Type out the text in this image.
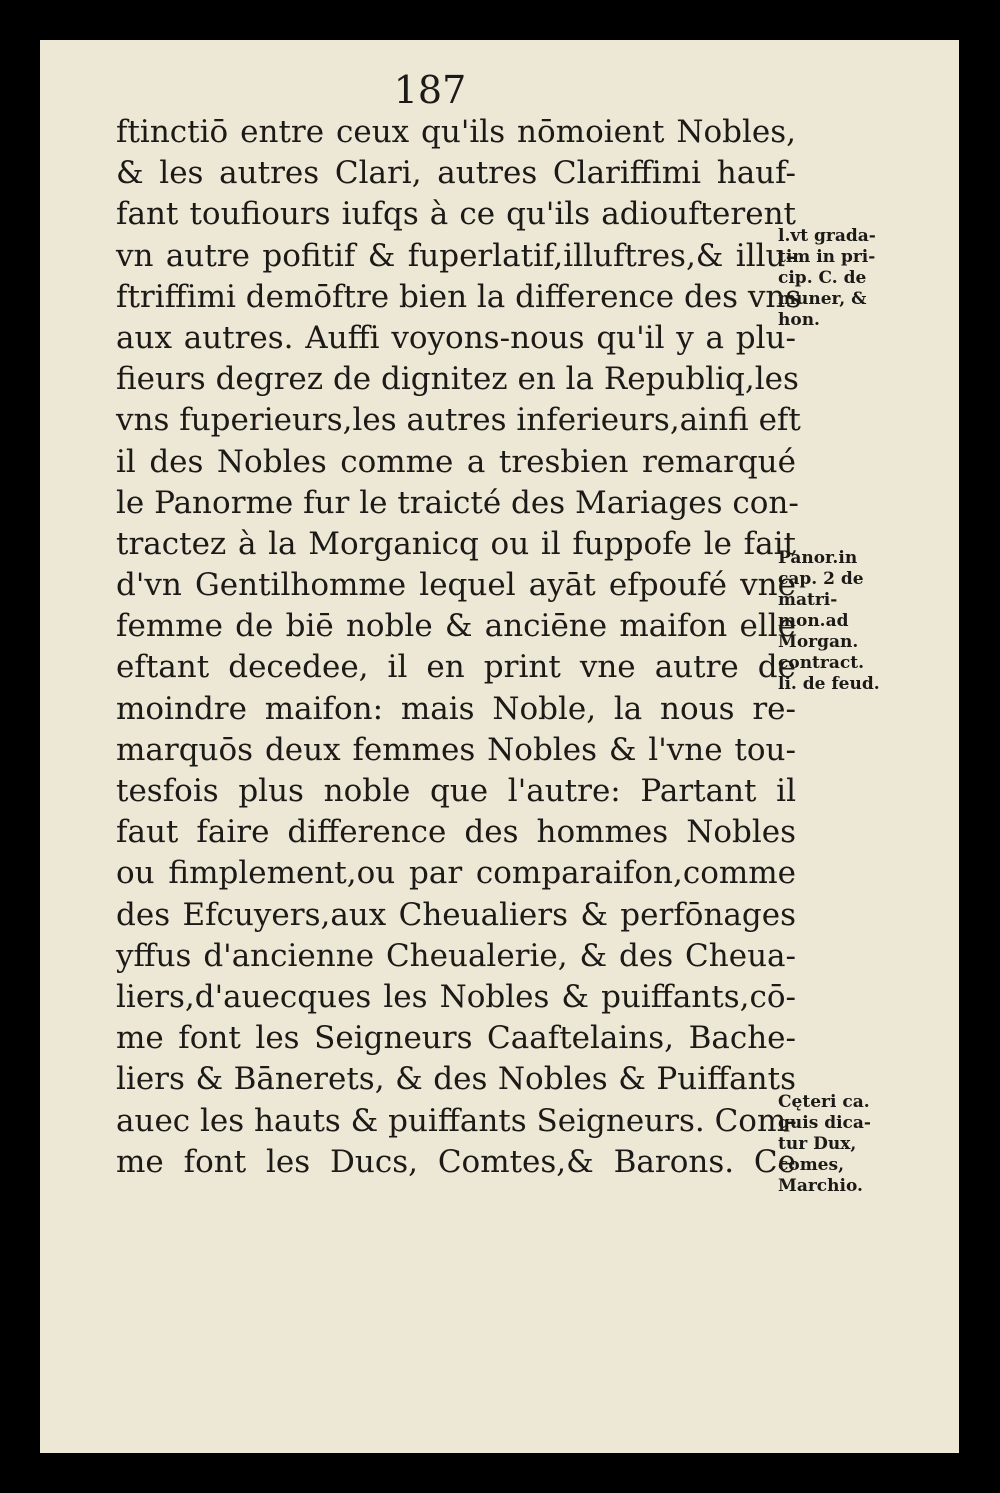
187
ftinctiō entre ceux qu'ils nōmoient Nobles,
& les autres Clari, autres Clariffimi hauf-
fant toufiours iufqs à ce qu'ils adioufterent
vn autre pofitif & fuperlatif,illuftres,& illu-
ftriffimi demōftre bien la difference des vns
aux autres. Auffi voyons-nous qu'il y a plu-
fieurs degrez de dignitez en la Republiq,les
vns fuperieurs,les autres inferieurs,ainfi eft
il des Nobles comme a tresbien remarqué
le Panorme fur le traicté des Mariages con-
tractez à la Morganicq ou il fuppofe le fait
d'vn Gentilhomme lequel ayāt efpoufé vne
femme de biē noble & anciēne maifon elle
eftant decedee, il en print vne autre de
moindre maifon: mais Noble, la nous re-
marquōs deux femmes Nobles & l'vne tou-
tesfois plus noble que l'autre: Partant il
faut faire difference des hommes Nobles
ou fimplement,ou par comparaifon,comme
des Efcuyers,aux Cheualiers & perfōnages
yffus d'ancienne Cheualerie, & des Cheua-
liers,d'auecques les Nobles & puiffants,cō-
me font les Seigneurs Caaftelains, Bache-
liers & Bānerets, & des Nobles & Puiffants
auec les hauts & puiffants Seigneurs. Com-
me font les Ducs, Comtes,& Barons. Ce
l.vt grada-
tim in pri-
cip. C. de
muner, &
hon.
Panor.in
cap. 2 de
matri-
mon.ad
Morgan.
contract.
li. de feud.
Cęteri ca.
quis dica-
tur Dux,
comes,
Marchio.
